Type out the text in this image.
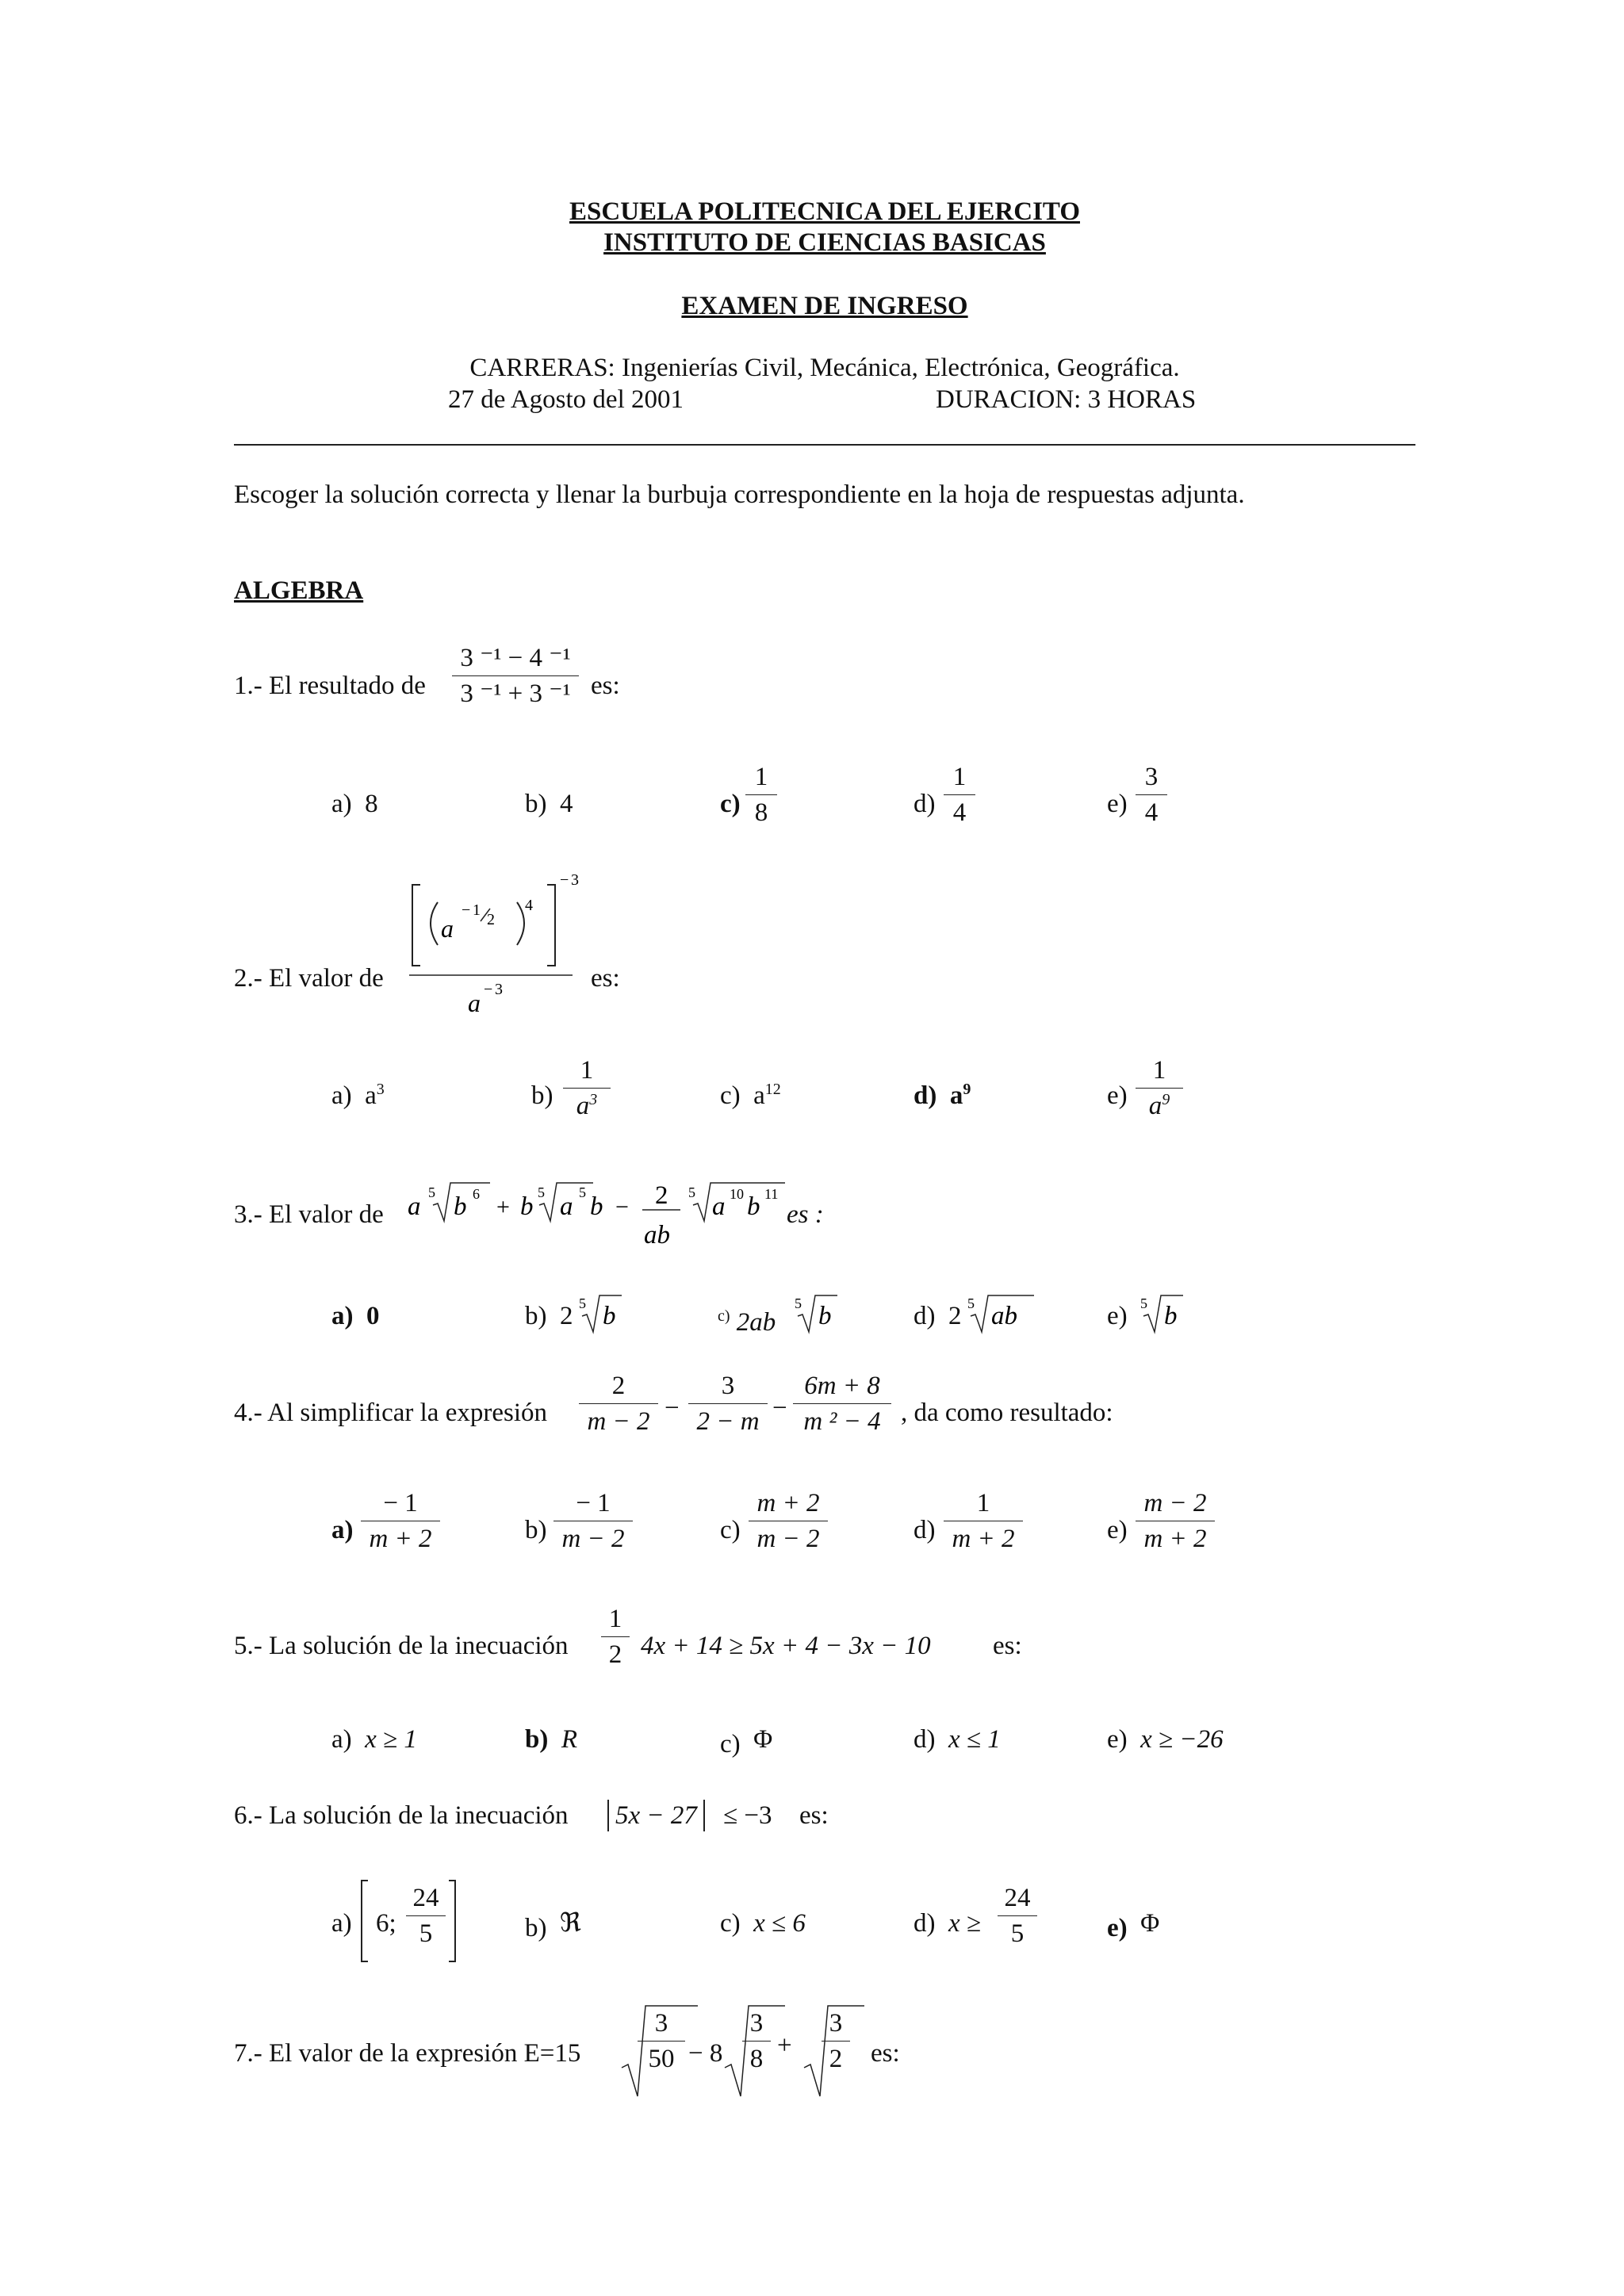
ESCUELA POLITECNICA DEL EJERCITO
INSTITUTO DE CIENCIAS BASICAS
EXAMEN DE INGRESO
CARRERAS: Ingenierías Civil, Mecánica, Electrónica, Geográfica.
27 de Agosto del 2001	DURACION: 3 HORAS
Escoger la solución correcta y llenar la burbuja correspondiente en la hoja de respuestas adjunta.
ALGEBRA
1.- El resultado de
3 ⁻¹ − 4 ⁻¹
3 ⁻¹ + 3 ⁻¹ es:
a) 8	b) 4	c)
1
8	d)
1
4	e)
3
4
2.- El valor de
a
− 1
2
4
− 3
a − 3	es:
a) $a^3$	b)
1
$a^3$	c) $a^{12}$	d) $a^9$	e)
1
$a^9$
3.- El valor de a 5 b 6 + b 5 a 5 b − 2
ab
5 a 10 b 11
es :
a) 0	b) 2 5 b	$^{c)}$ 2ab
5 b	d) 2 5 ab	e) 5 b
4.- Al simplificar la expresión
2
m − 2 −
3
2 − m −
6m + 8
m ² − 4 , da como resultado:
a)
− 1
m + 2	b)
− 1
m − 2	c)
m + 2
m − 2	d)
1
m + 2	e)
m − 2
m + 2
5.- La solución de la inecuación
1
2 4x + 14 ≥ 5x + 4 − 3x − 10 es:
a) x ≥ 1	b) R	c) Φ	d) x ≤ 1	e) x ≥ −26
6.- La solución de la inecuación	5x − 27	≤ −3 es:
a) 6;
24
5	b) ℜ	c) x ≤ 6	d) x ≥
24
5	e) Φ
7.- El valor de la expresión E=15
3
50 − 8
3
8 +
3
2 es:
